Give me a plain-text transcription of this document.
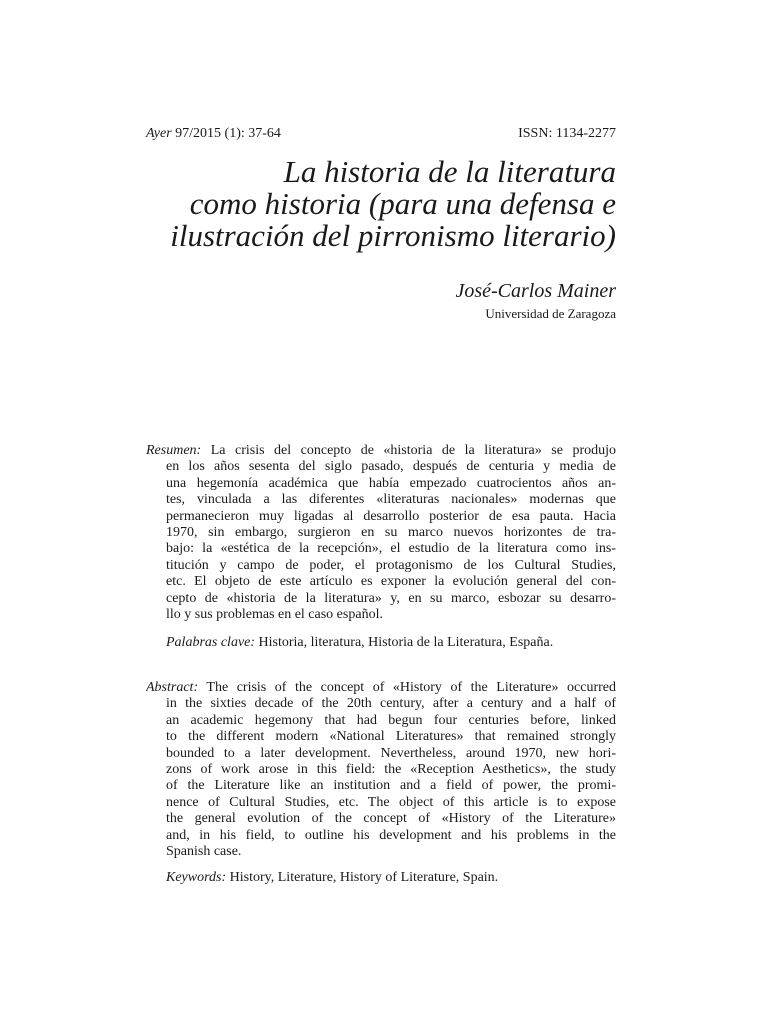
Ayer 97/2015 (1): 37-64	ISSN: 1134-2277
La historia de la literatura
como historia (para una defensa e
ilustración del pirronismo literario)
José-Carlos Mainer
Universidad de Zaragoza
Resumen: La crisis del concepto de «historia de la literatura» se produjo
en los años sesenta del siglo pasado, después de centuria y media de
una hegemonía académica que había empezado cuatrocientos años an-
tes, vinculada a las diferentes «literaturas nacionales» modernas que
permanecieron muy ligadas al desarrollo posterior de esa pauta. Hacia
1970, sin embargo, surgieron en su marco nuevos horizontes de tra-
bajo: la «estética de la recepción», el estudio de la literatura como ins-
titución y campo de poder, el protagonismo de los Cultural Studies,
etc. El objeto de este artículo es exponer la evolución general del con-
cepto de «historia de la literatura» y, en su marco, esbozar su desarro-
llo y sus problemas en el caso español.
Palabras clave: Historia, literatura, Historia de la Literatura, España.
Abstract: The crisis of the concept of «History of the Literature» occurred
in the sixties decade of the 20th century, after a century and a half of
an academic hegemony that had begun four centuries before, linked
to the different modern «National Literatures» that remained strongly
bounded to a later development. Nevertheless, around 1970, new hori-
zons of work arose in this field: the «Reception Aesthetics», the study
of the Literature like an institution and a field of power, the promi-
nence of Cultural Studies, etc. The object of this article is to expose
the general evolution of the concept of «History of the Literature»
and, in his field, to outline his development and his problems in the
Spanish case.
Keywords: History, Literature, History of Literature, Spain.
